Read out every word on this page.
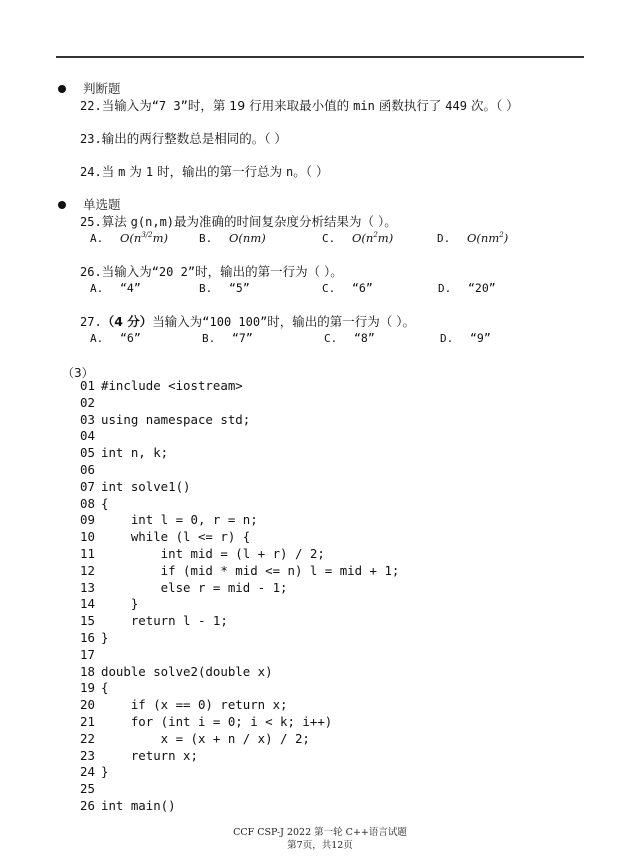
判断题
22.当输入为“7 3”时，第 19 行用来取最小值的 min 函数执行了 449 次。（ ）
23.输出的两行整数总是相同的。（ ）
24.当 m 为 1 时，输出的第一行总为 n。（ ）
单选题
25.算法 g(n,m)最为准确的时间复杂度分析结果为（ ）。
A. $O(n^{3/2}m)$	B. O(nm)	C. $O(n^2m)$	D. $O(nm^2)$
26.当输入为“20 2”时，输出的第一行为（ ）。
A. “4”	B. “5”	C. “6”	D. “20”
27.（4 分）当输入为“100 100”时，输出的第一行为（ ）。
A. “6”	B. “7”	C. “8”	D. “9”
（3）
01 #include <iostream>
02
03 using namespace std;
04
05 int n, k;
06
07 int solve1()
08 {
09    int l = 0, r = n;
10    while (l <= r) {
11        int mid = (l + r) / 2;
12        if (mid * mid <= n) l = mid + 1;
13        else r = mid - 1;
14    }
15    return l - 1;
16 }
17
18 double solve2(double x)
19 {
20    if (x == 0) return x;
21    for (int i = 0; i < k; i++)
22        x = (x + n / x) / 2;
23    return x;
24 }
25
26 int main()
CCF CSP-J 2022 第一轮 C++语言试题
第7页，共12页
